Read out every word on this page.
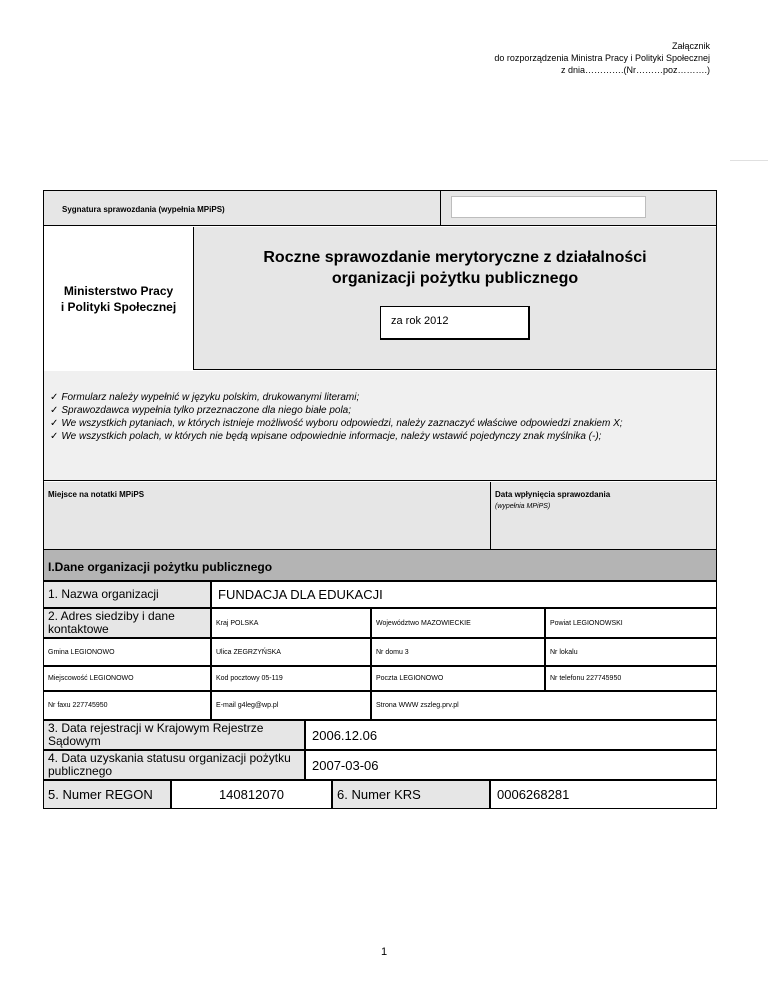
Załącznik
do rozporządzenia Ministra Pracy i Polityki Społecznej
z dnia………….(Nr………poz……….)
Sygnatura sprawozdania (wypełnia MPiPS)
Ministerstwo Pracy
i Polityki Społecznej
Roczne sprawozdanie merytoryczne z działalności
organizacji pożytku publicznego
za rok 2012
✓ Formularz należy wypełnić w języku polskim, drukowanymi literami;
✓ Sprawozdawca wypełnia tylko przeznaczone dla niego białe pola;
✓ We wszystkich pytaniach, w których istnieje możliwość wyboru odpowiedzi, należy zaznaczyć właściwe odpowiedzi znakiem X;
✓ We wszystkich polach, w których nie będą wpisane odpowiednie informacje, należy wstawić pojedynczy znak myślnika (-);
Miejsce na notatki MPiPS	Data wpłynięcia sprawozdania
(wypełnia MPiPS)
I.Dane organizacji pożytku publicznego
1. Nazwa organizacji	FUNDACJA DLA EDUKACJI
2. Adres siedziby i dane kontaktowe	Kraj POLSKA	Województwo MAZOWIECKIE	Powiat LEGIONOWSKI
Gmina LEGIONOWO	Ulica ZEGRZYŃSKA	Nr domu 3	Nr lokalu
Miejscowość LEGIONOWO	Kod pocztowy 05-119	Poczta LEGIONOWO	Nr telefonu 227745950
Nr faxu 227745950	E-mail g4leg@wp.pl	Strona WWW zszleg.prv.pl
3. Data rejestracji w Krajowym Rejestrze Sądowym	2006.12.06
4. Data uzyskania statusu organizacji pożytku publicznego	2007-03-06
5. Numer REGON	140812070	6. Numer KRS	0006268281
1
